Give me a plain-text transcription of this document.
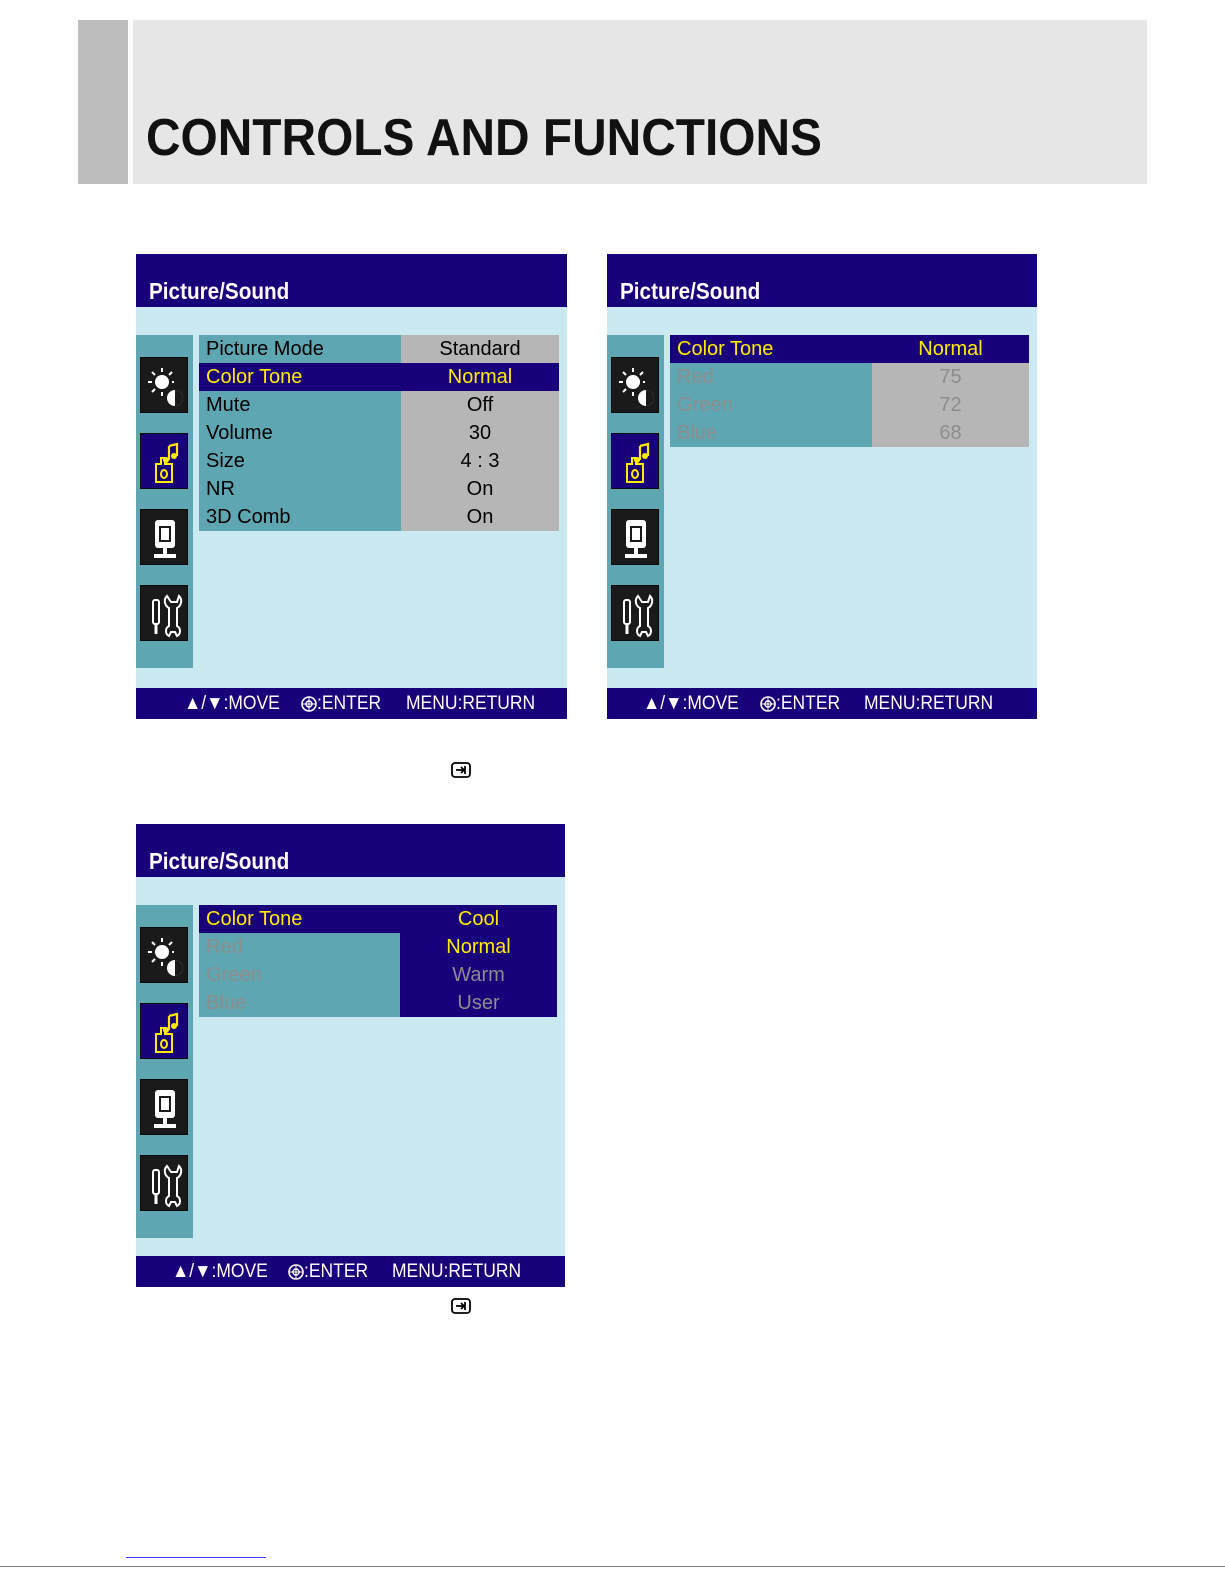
CONTROLS AND FUNCTIONS
Picture/Sound
Picture Mode	Standard
Color Tone	Normal
Mute	Off
Volume	30
Size	4 : 3
NR	On
3D Comb	On
▲/▼:MOVE :ENTER MENU:RETURN
Picture/Sound
Color Tone	Normal
Red	75
Green	72
Blue	68
▲/▼:MOVE :ENTER MENU:RETURN
Picture/Sound
Color Tone	Cool
Red	Normal
Green	Warm
Blue	User
▲/▼:MOVE :ENTER MENU:RETURN
